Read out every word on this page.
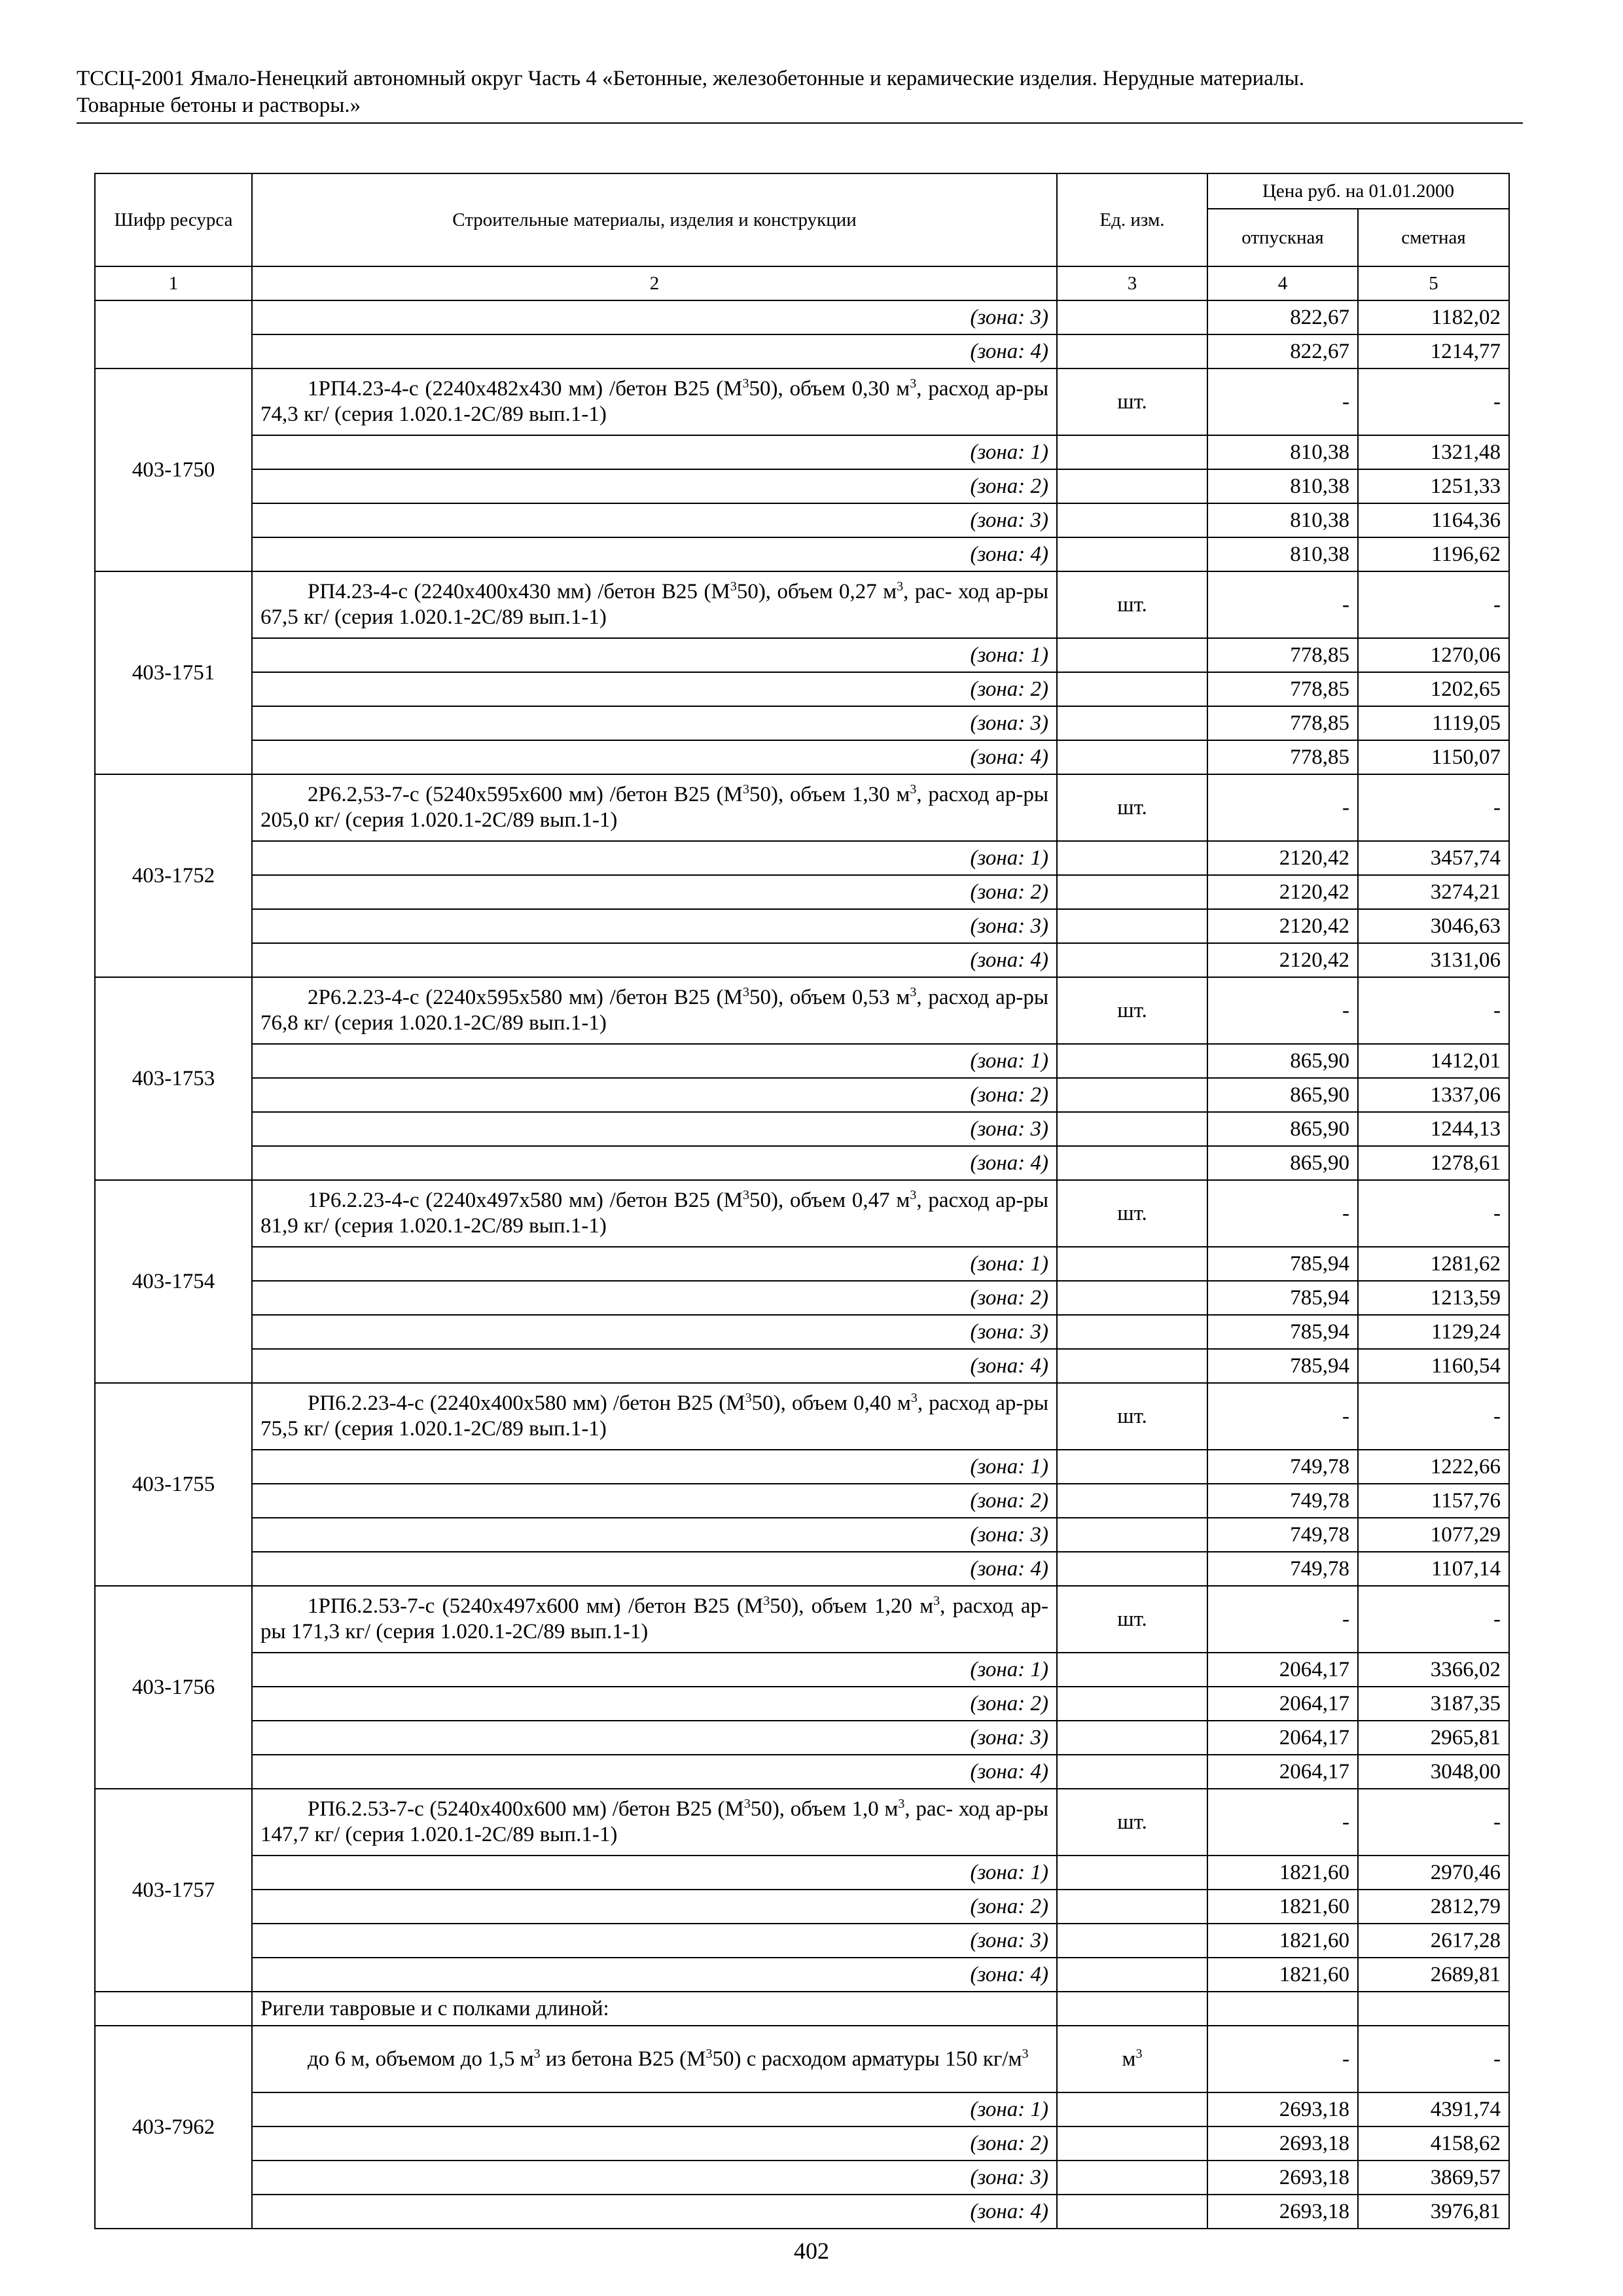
ТССЦ-2001 Ямало-Ненецкий автономный округ Часть 4 «Бетонные, железобетонные и керамические изделия. Нерудные материалы.
Товарные бетоны и растворы.»
Шифр ресурса	Строительные материалы, изделия и конструкции	Ед. изм.	Цена руб. на 01.01.2000	
			отпускная	сметная
1	2	3	4	5
	(зона: 3)		822,67	1182,02
	(зона: 4)		822,67	1214,77
403-1750	1РП4.23-4-с (2240х482х430 мм) /бетон В25 $(М^350)$, объем 0,30 $м^3$, расход ар-ры 74,3 кг/ (серия 1.020.1-2С/89 вып.1-1)	шт.	-	-
	(зона: 1)		810,38	1321,48
	(зона: 2)		810,38	1251,33
	(зона: 3)		810,38	1164,36
	(зона: 4)		810,38	1196,62
403-1751	РП4.23-4-с (2240х400х430 мм) /бетон В25 $(М^350)$, объем 0,27 $м^3$, рас- ход ар-ры 67,5 кг/ (серия 1.020.1-2С/89 вып.1-1)	шт.	-	-
	(зона: 1)		778,85	1270,06
	(зона: 2)		778,85	1202,65
	(зона: 3)		778,85	1119,05
	(зона: 4)		778,85	1150,07
403-1752	2Р6.2,53-7-с (5240х595х600 мм) /бетон В25 $(М^350)$, объем 1,30 $м^3$, расход ар-ры 205,0 кг/ (серия 1.020.1-2С/89 вып.1-1)	шт.	-	-
	(зона: 1)		2120,42	3457,74
	(зона: 2)		2120,42	3274,21
	(зона: 3)		2120,42	3046,63
	(зона: 4)		2120,42	3131,06
403-1753	2Р6.2.23-4-с (2240х595х580 мм) /бетон В25 $(М^350)$, объем 0,53 $м^3$, расход ар-ры 76,8 кг/ (серия 1.020.1-2С/89 вып.1-1)	шт.	-	-
	(зона: 1)		865,90	1412,01
	(зона: 2)		865,90	1337,06
	(зона: 3)		865,90	1244,13
	(зона: 4)		865,90	1278,61
403-1754	1Р6.2.23-4-с (2240х497х580 мм) /бетон В25 $(М^350)$, объем 0,47 $м^3$, расход ар-ры 81,9 кг/ (серия 1.020.1-2С/89 вып.1-1)	шт.	-	-
	(зона: 1)		785,94	1281,62
	(зона: 2)		785,94	1213,59
	(зона: 3)		785,94	1129,24
	(зона: 4)		785,94	1160,54
403-1755	РП6.2.23-4-с (2240х400х580 мм) /бетон В25 $(М^350)$, объем 0,40 $м^3$, расход ар-ры 75,5 кг/ (серия 1.020.1-2С/89 вып.1-1)	шт.	-	-
	(зона: 1)		749,78	1222,66
	(зона: 2)		749,78	1157,76
	(зона: 3)		749,78	1077,29
	(зона: 4)		749,78	1107,14
403-1756	1РП6.2.53-7-с (5240х497х600 мм) /бетон В25 $(М^350)$, объем 1,20 $м^3$, расход ар-ры 171,3 кг/ (серия 1.020.1-2С/89 вып.1-1)	шт.	-	-
	(зона: 1)		2064,17	3366,02
	(зона: 2)		2064,17	3187,35
	(зона: 3)		2064,17	2965,81
	(зона: 4)		2064,17	3048,00
403-1757	РП6.2.53-7-с (5240х400х600 мм) /бетон В25 $(М^350)$, объем 1,0 $м^3$, рас- ход ар-ры 147,7 кг/ (серия 1.020.1-2С/89 вып.1-1)	шт.	-	-
	(зона: 1)		1821,60	2970,46
	(зона: 2)		1821,60	2812,79
	(зона: 3)		1821,60	2617,28
	(зона: 4)		1821,60	2689,81
	Ригели тавровые и с полками длиной:			
403-7962	до 6 м, объемом до 1,5 $м^3$ из бетона В25 $(М^350)$ с расходом арматуры 150 $кг/м^3$	$м^3$	-	-
	(зона: 1)		2693,18	4391,74
	(зона: 2)		2693,18	4158,62
	(зона: 3)		2693,18	3869,57
	(зона: 4)		2693,18	3976,81
402
